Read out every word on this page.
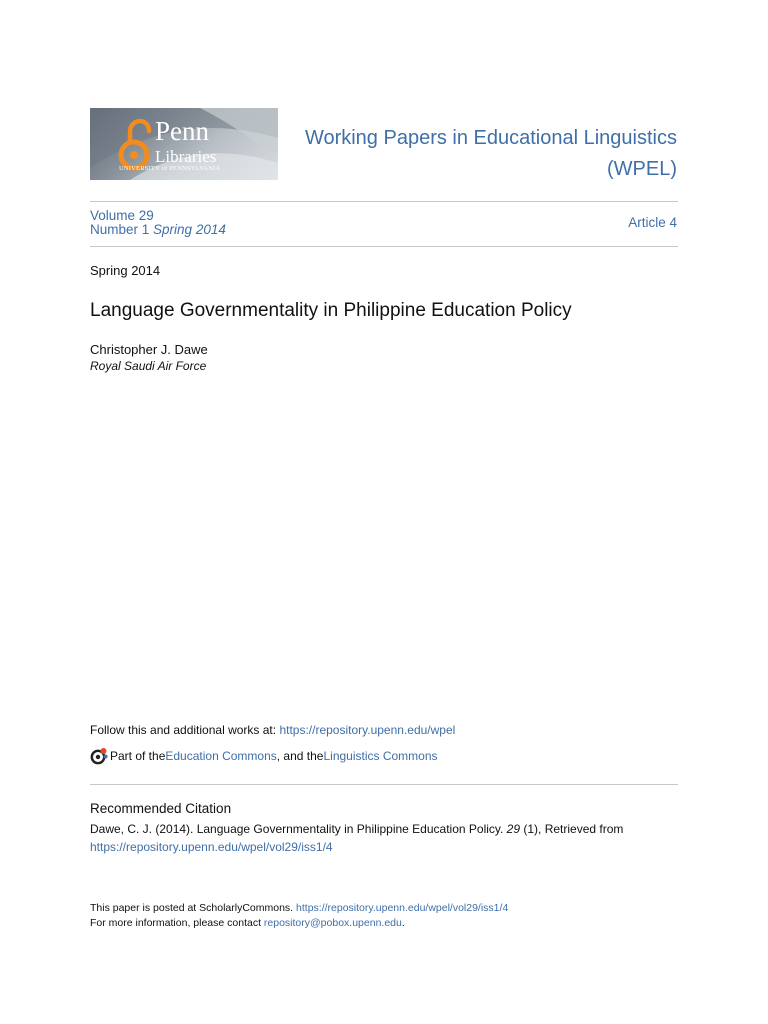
Penn
Libraries
UNIVERSITY of PENNSYLVANIA
Working Papers in Educational Linguistics
(WPEL)
Volume 29
Number 1 Spring 2014	Article 4
Spring 2014
Language Governmentality in Philippine Education Policy
Christopher J. Dawe
Royal Saudi Air Force
Follow this and additional works at: https://repository.upenn.edu/wpel
Part of the Education Commons , and the Linguistics Commons
Recommended Citation
Dawe, C. J. (2014). Language Governmentality in Philippine Education Policy. 29 (1), Retrieved from
https://repository.upenn.edu/wpel/vol29/iss1/4
This paper is posted at ScholarlyCommons. https://repository.upenn.edu/wpel/vol29/iss1/4
For more information, please contact repository@pobox.upenn.edu.
